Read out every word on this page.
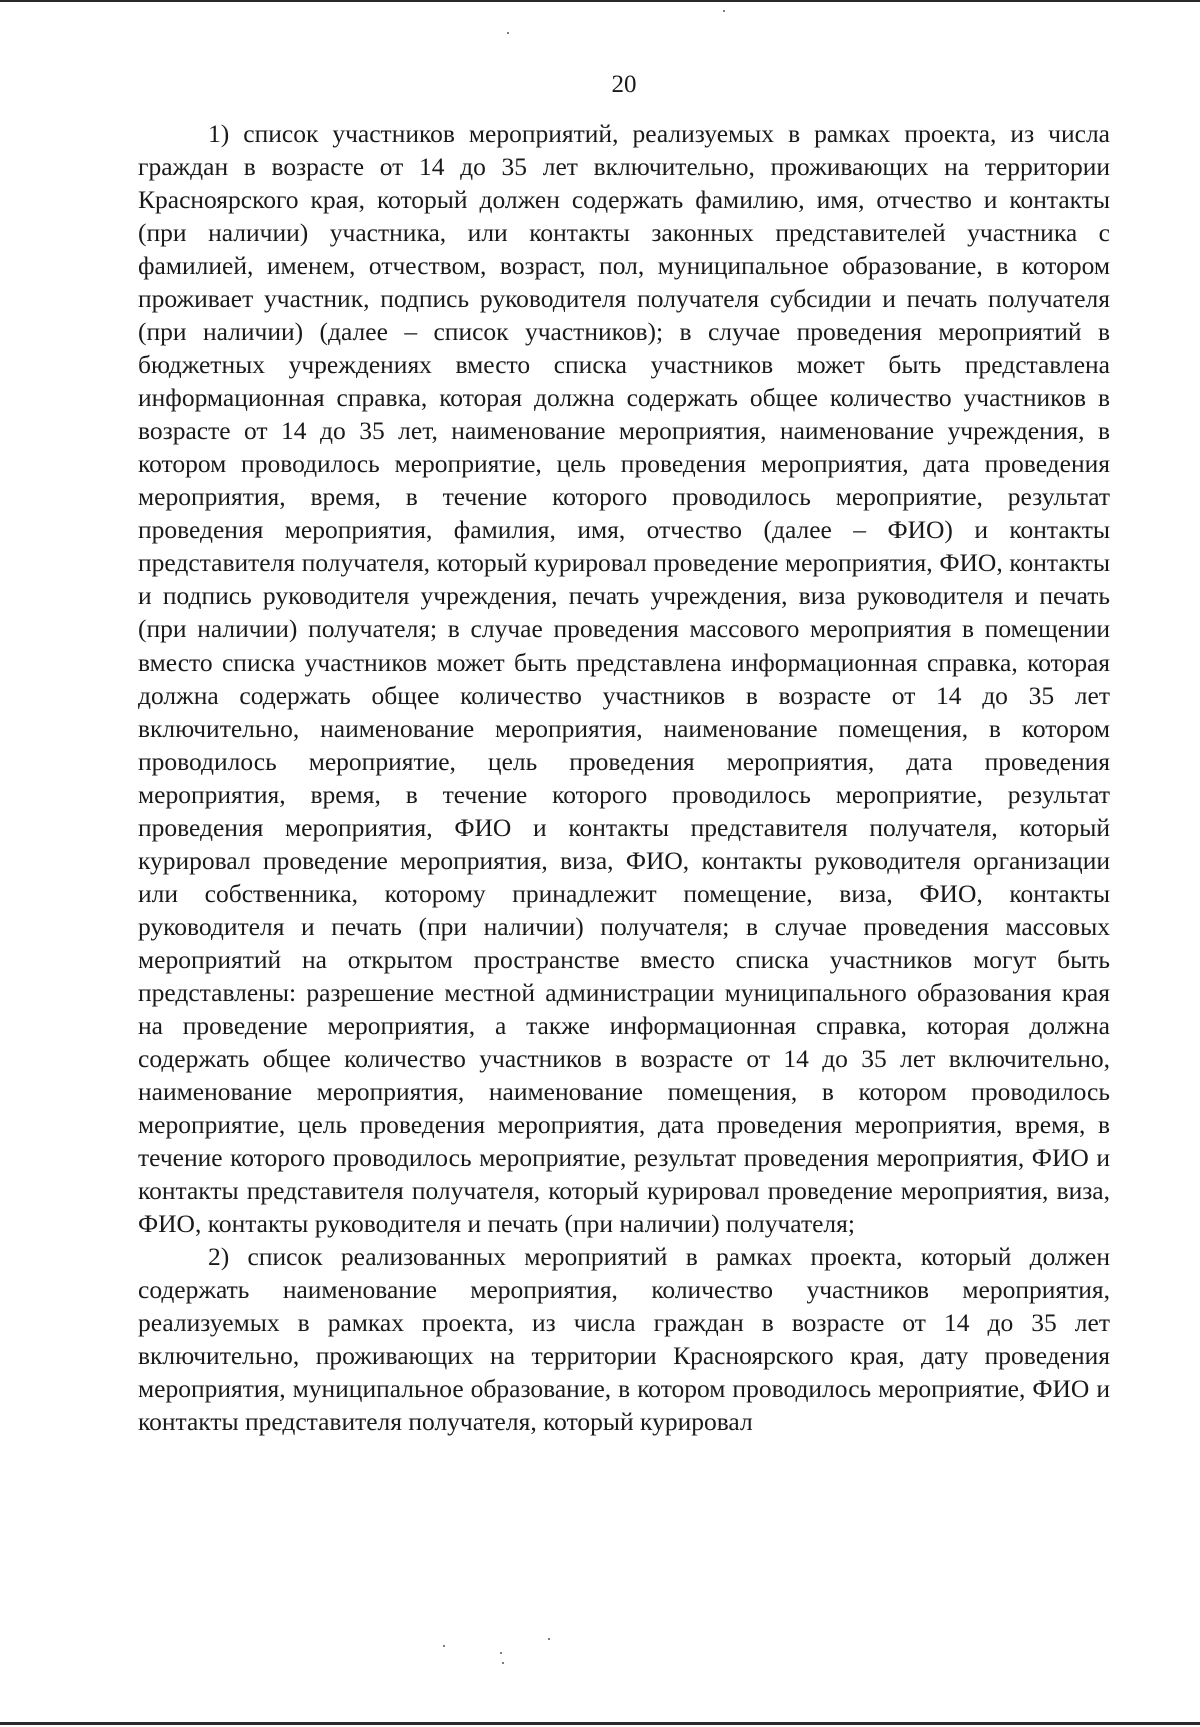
20

1) список участников мероприятий, реализуемых в рамках проекта, из числа граждан в возрасте от 14 до 35 лет включительно, проживающих на территории Красноярского края, который должен содержать фамилию, имя, отчество и контакты (при наличии) участника, или контакты законных представителей участника с фамилией, именем, отчеством, возраст, пол, муниципальное образование, в котором проживает участник, подпись руководителя получателя субсидии и печать получателя (при наличии) (далее – список участников); в случае проведения мероприятий в бюджетных учреждениях вместо списка участников может быть представлена информационная справка, которая должна содержать общее количество участников в возрасте от 14 до 35 лет, наименование мероприятия, наименование учреждения, в котором проводилось мероприятие, цель проведения мероприятия, дата проведения мероприятия, время, в течение которого проводилось мероприятие, результат проведения мероприятия, фамилия, имя, отчество (далее – ФИО) и контакты представителя получателя, который курировал проведение мероприятия, ФИО, контакты и подпись руководителя учреждения, печать учреждения, виза руководителя и печать (при наличии) получателя; в случае проведения массового мероприятия в помещении вместо списка участников может быть представлена информационная справка, которая должна содержать общее количество участников в возрасте от 14 до 35 лет включительно, наименование мероприятия, наименование помещения, в котором проводилось мероприятие, цель проведения мероприятия, дата проведения мероприятия, время, в течение которого проводилось мероприятие, результат проведения мероприятия, ФИО и контакты представителя получателя, который курировал проведение мероприятия, виза, ФИО, контакты руководителя организации или собственника, которому принадлежит помещение, виза, ФИО, контакты руководителя и печать (при наличии) получателя; в случае проведения массовых мероприятий на открытом пространстве вместо списка участников могут быть представлены: разрешение местной администрации муниципального образования края на проведение мероприятия, а также информационная справка, которая должна содержать общее количество участников в возрасте от 14 до 35 лет включительно, наименование мероприятия, наименование помещения, в котором проводилось мероприятие, цель проведения мероприятия, дата проведения мероприятия, время, в течение которого проводилось мероприятие, результат проведения мероприятия, ФИО и контакты представителя получателя, который курировал проведение мероприятия, виза, ФИО, контакты руководителя и печать (при наличии) получателя;

2) список реализованных мероприятий в рамках проекта, который должен содержать наименование мероприятия, количество участников мероприятия, реализуемых в рамках проекта, из числа граждан в возрасте от 14 до 35 лет включительно, проживающих на территории Красноярского края, дату проведения мероприятия, муниципальное образование, в котором проводилось мероприятие, ФИО и контакты представителя получателя, который курировал
